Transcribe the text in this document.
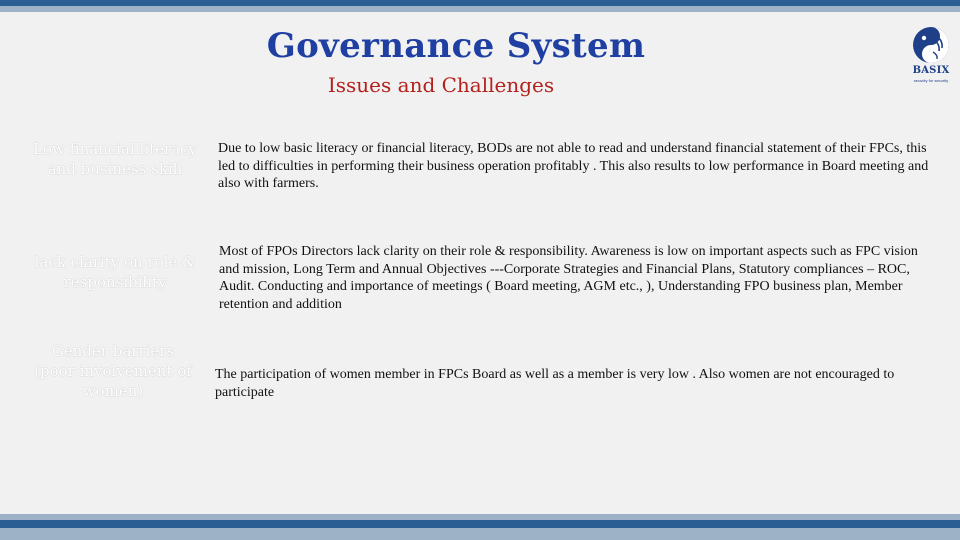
Governance System
Issues and Challenges
BASIX
security for security
Low financial literacy and business skill
Due to low basic literacy or financial literacy, BODs are not able to read and understand financial statement of their FPCs, this led to difficulties in performing their business operation profitably . This also results to low performance in Board meeting and also with farmers.
lack clarity on role & responsibility
Most of FPOs Directors lack clarity on their role & responsibility. Awareness is low on important aspects such as FPC vision and mission, Long Term and Annual Objectives ---Corporate Strategies and Financial Plans, Statutory compliances – ROC, Audit. Conducting and importance of meetings ( Board meeting, AGM etc., ), Understanding FPO business plan, Member retention and addition
Gender barriers (poor involvement of women)
The participation of women member in FPCs Board as well as a member is very low . Also women are not encouraged to participate
